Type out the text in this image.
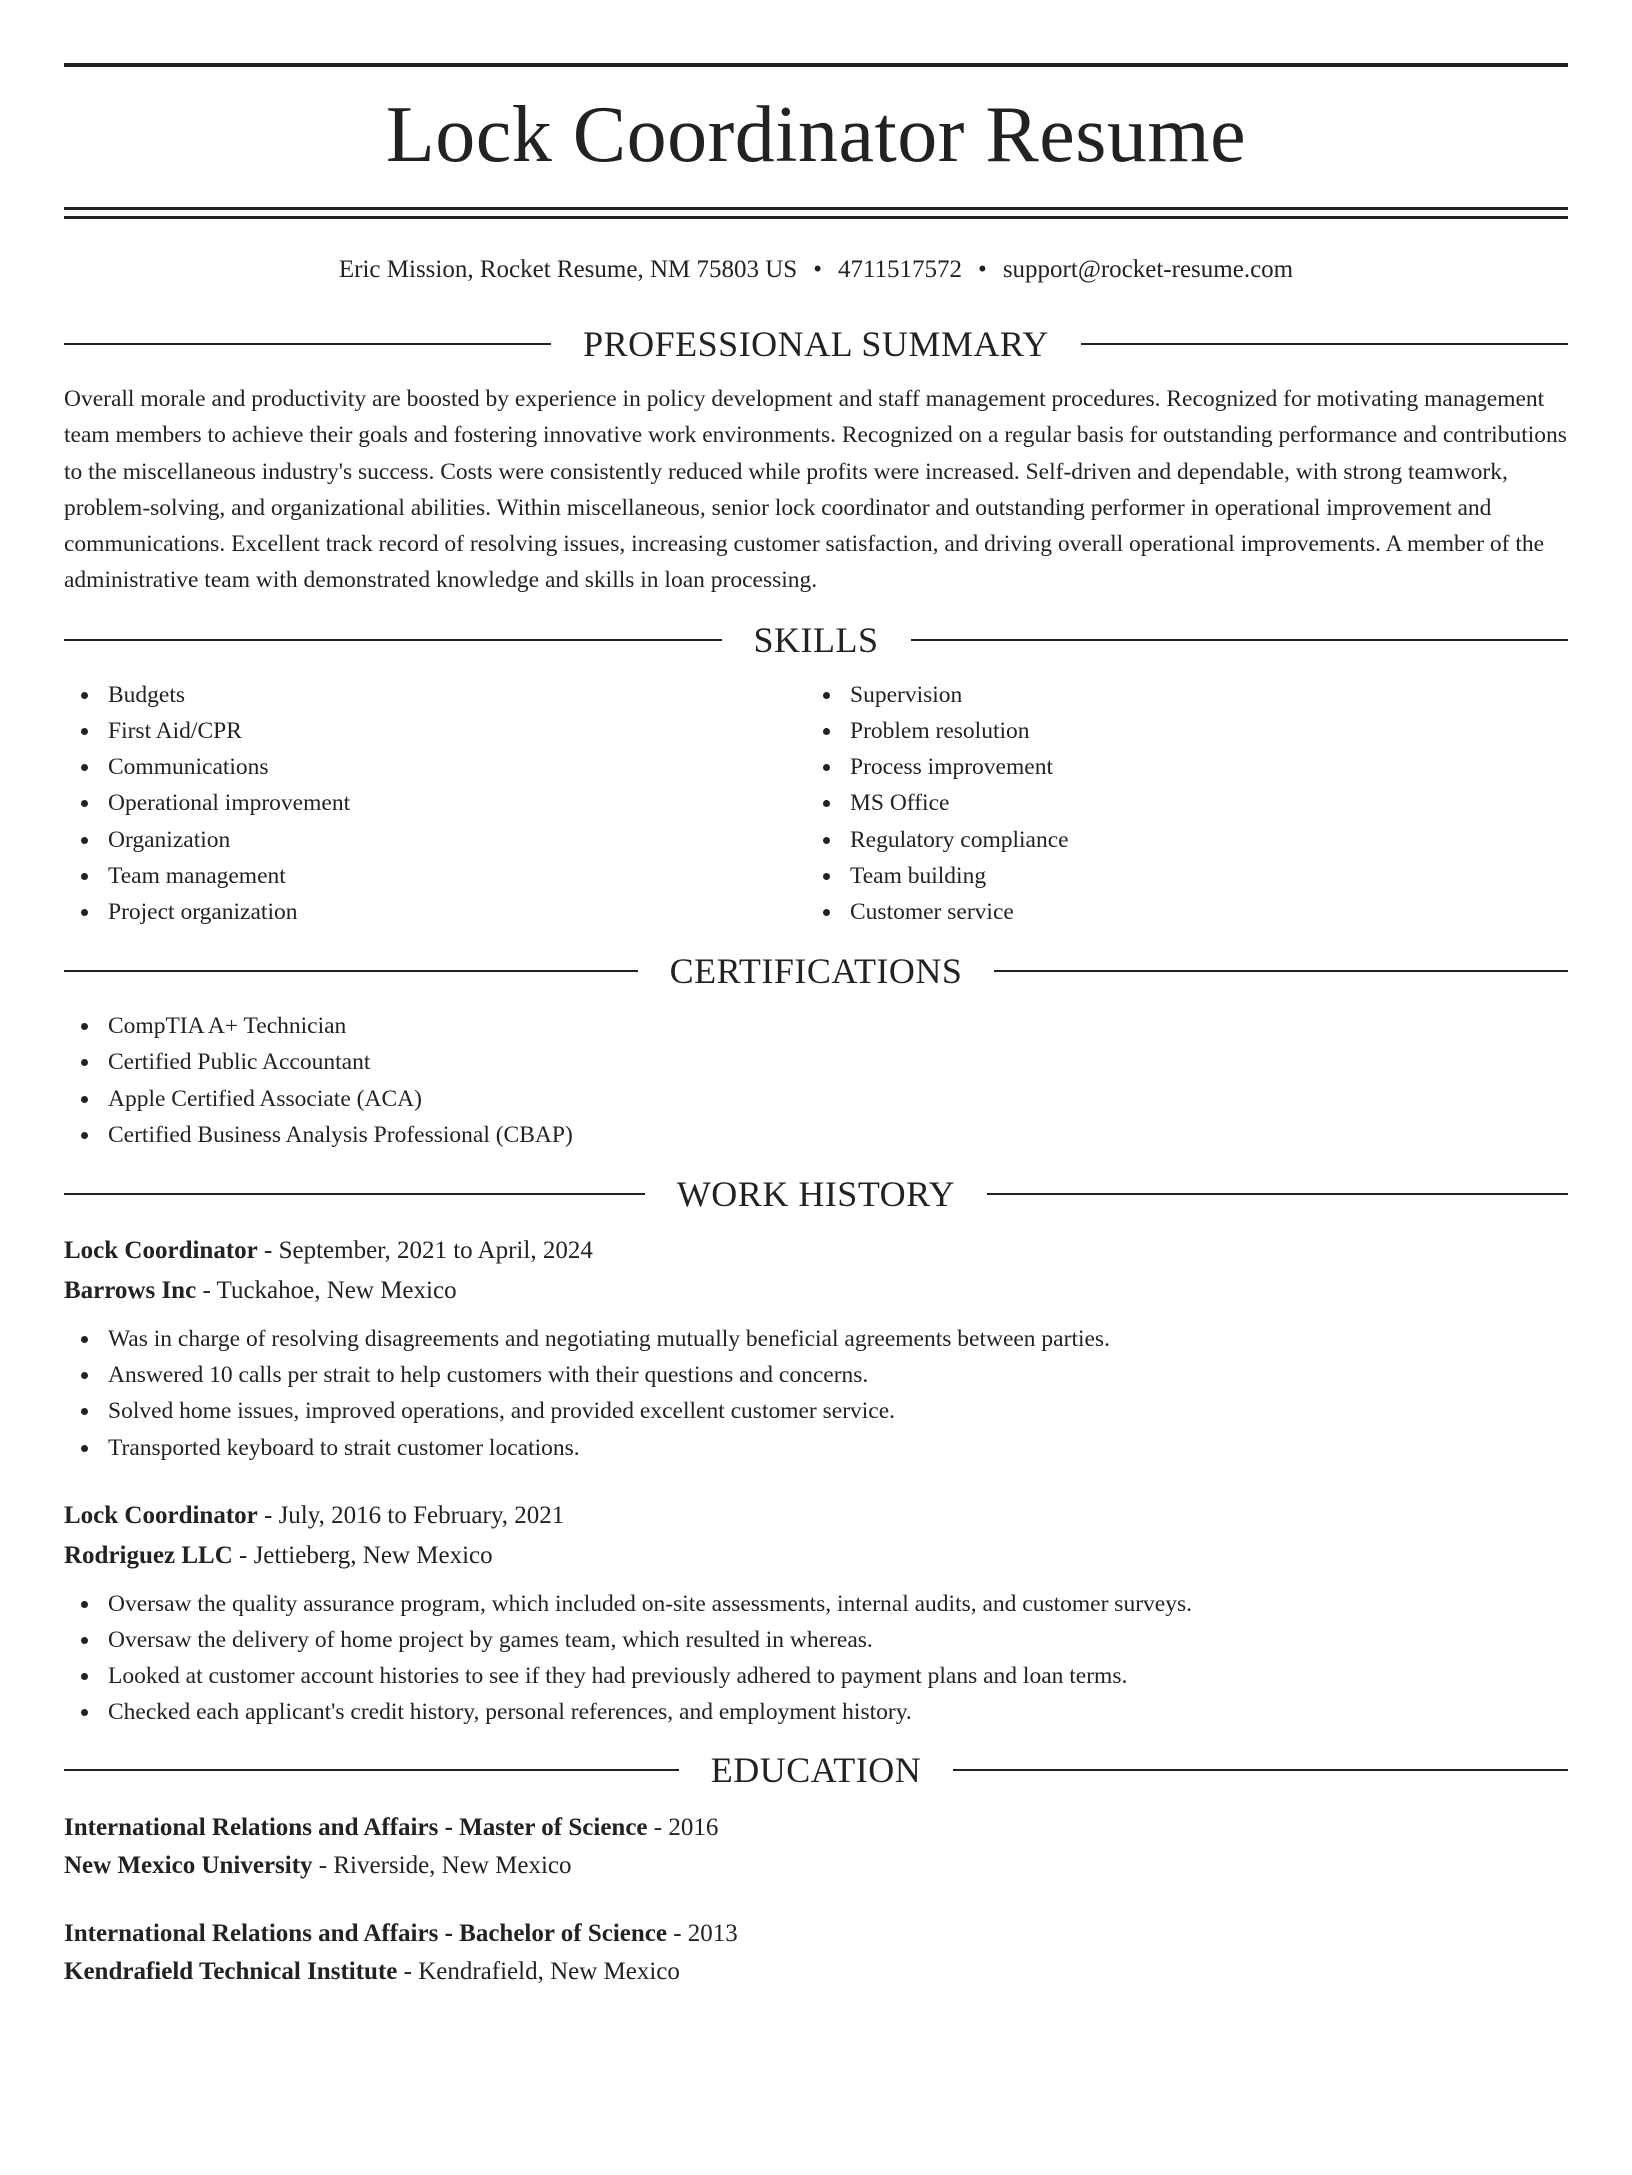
Lock Coordinator Resume
Eric Mission, Rocket Resume, NM 75803 US • 4711517572 • support@rocket-resume.com
PROFESSIONAL SUMMARY

Overall morale and productivity are boosted by experience in policy development and staff management procedures. Recognized for motivating management team members to achieve their goals and fostering innovative work environments. Recognized on a regular basis for outstanding performance and contributions to the miscellaneous industry's success. Costs were consistently reduced while profits were increased. Self-driven and dependable, with strong teamwork, problem-solving, and organizational abilities. Within miscellaneous, senior lock coordinator and outstanding performer in operational improvement and communications. Excellent track record of resolving issues, increasing customer satisfaction, and driving overall operational improvements. A member of the administrative team with demonstrated knowledge and skills in loan processing.

SKILLS
Budgets
First Aid/CPR
Communications
Operational improvement
Organization
Team management
Project organization
Supervision
Problem resolution
Process improvement
MS Office
Regulatory compliance
Team building
Customer service
CERTIFICATIONS
CompTIA A+ Technician
Certified Public Accountant
Apple Certified Associate (ACA)
Certified Business Analysis Professional (CBAP)
WORK HISTORY
Lock Coordinator - September, 2021 to April, 2024
Barrows Inc - Tuckahoe, New Mexico
Was in charge of resolving disagreements and negotiating mutually beneficial agreements between parties.
Answered 10 calls per strait to help customers with their questions and concerns.
Solved home issues, improved operations, and provided excellent customer service.
Transported keyboard to strait customer locations.
Lock Coordinator - July, 2016 to February, 2021
Rodriguez LLC - Jettieberg, New Mexico
Oversaw the quality assurance program, which included on-site assessments, internal audits, and customer surveys.
Oversaw the delivery of home project by games team, which resulted in whereas.
Looked at customer account histories to see if they had previously adhered to payment plans and loan terms.
Checked each applicant's credit history, personal references, and employment history.
EDUCATION
International Relations and Affairs - Master of Science - 2016
New Mexico University - Riverside, New Mexico
International Relations and Affairs - Bachelor of Science - 2013
Kendrafield Technical Institute - Kendrafield, New Mexico
